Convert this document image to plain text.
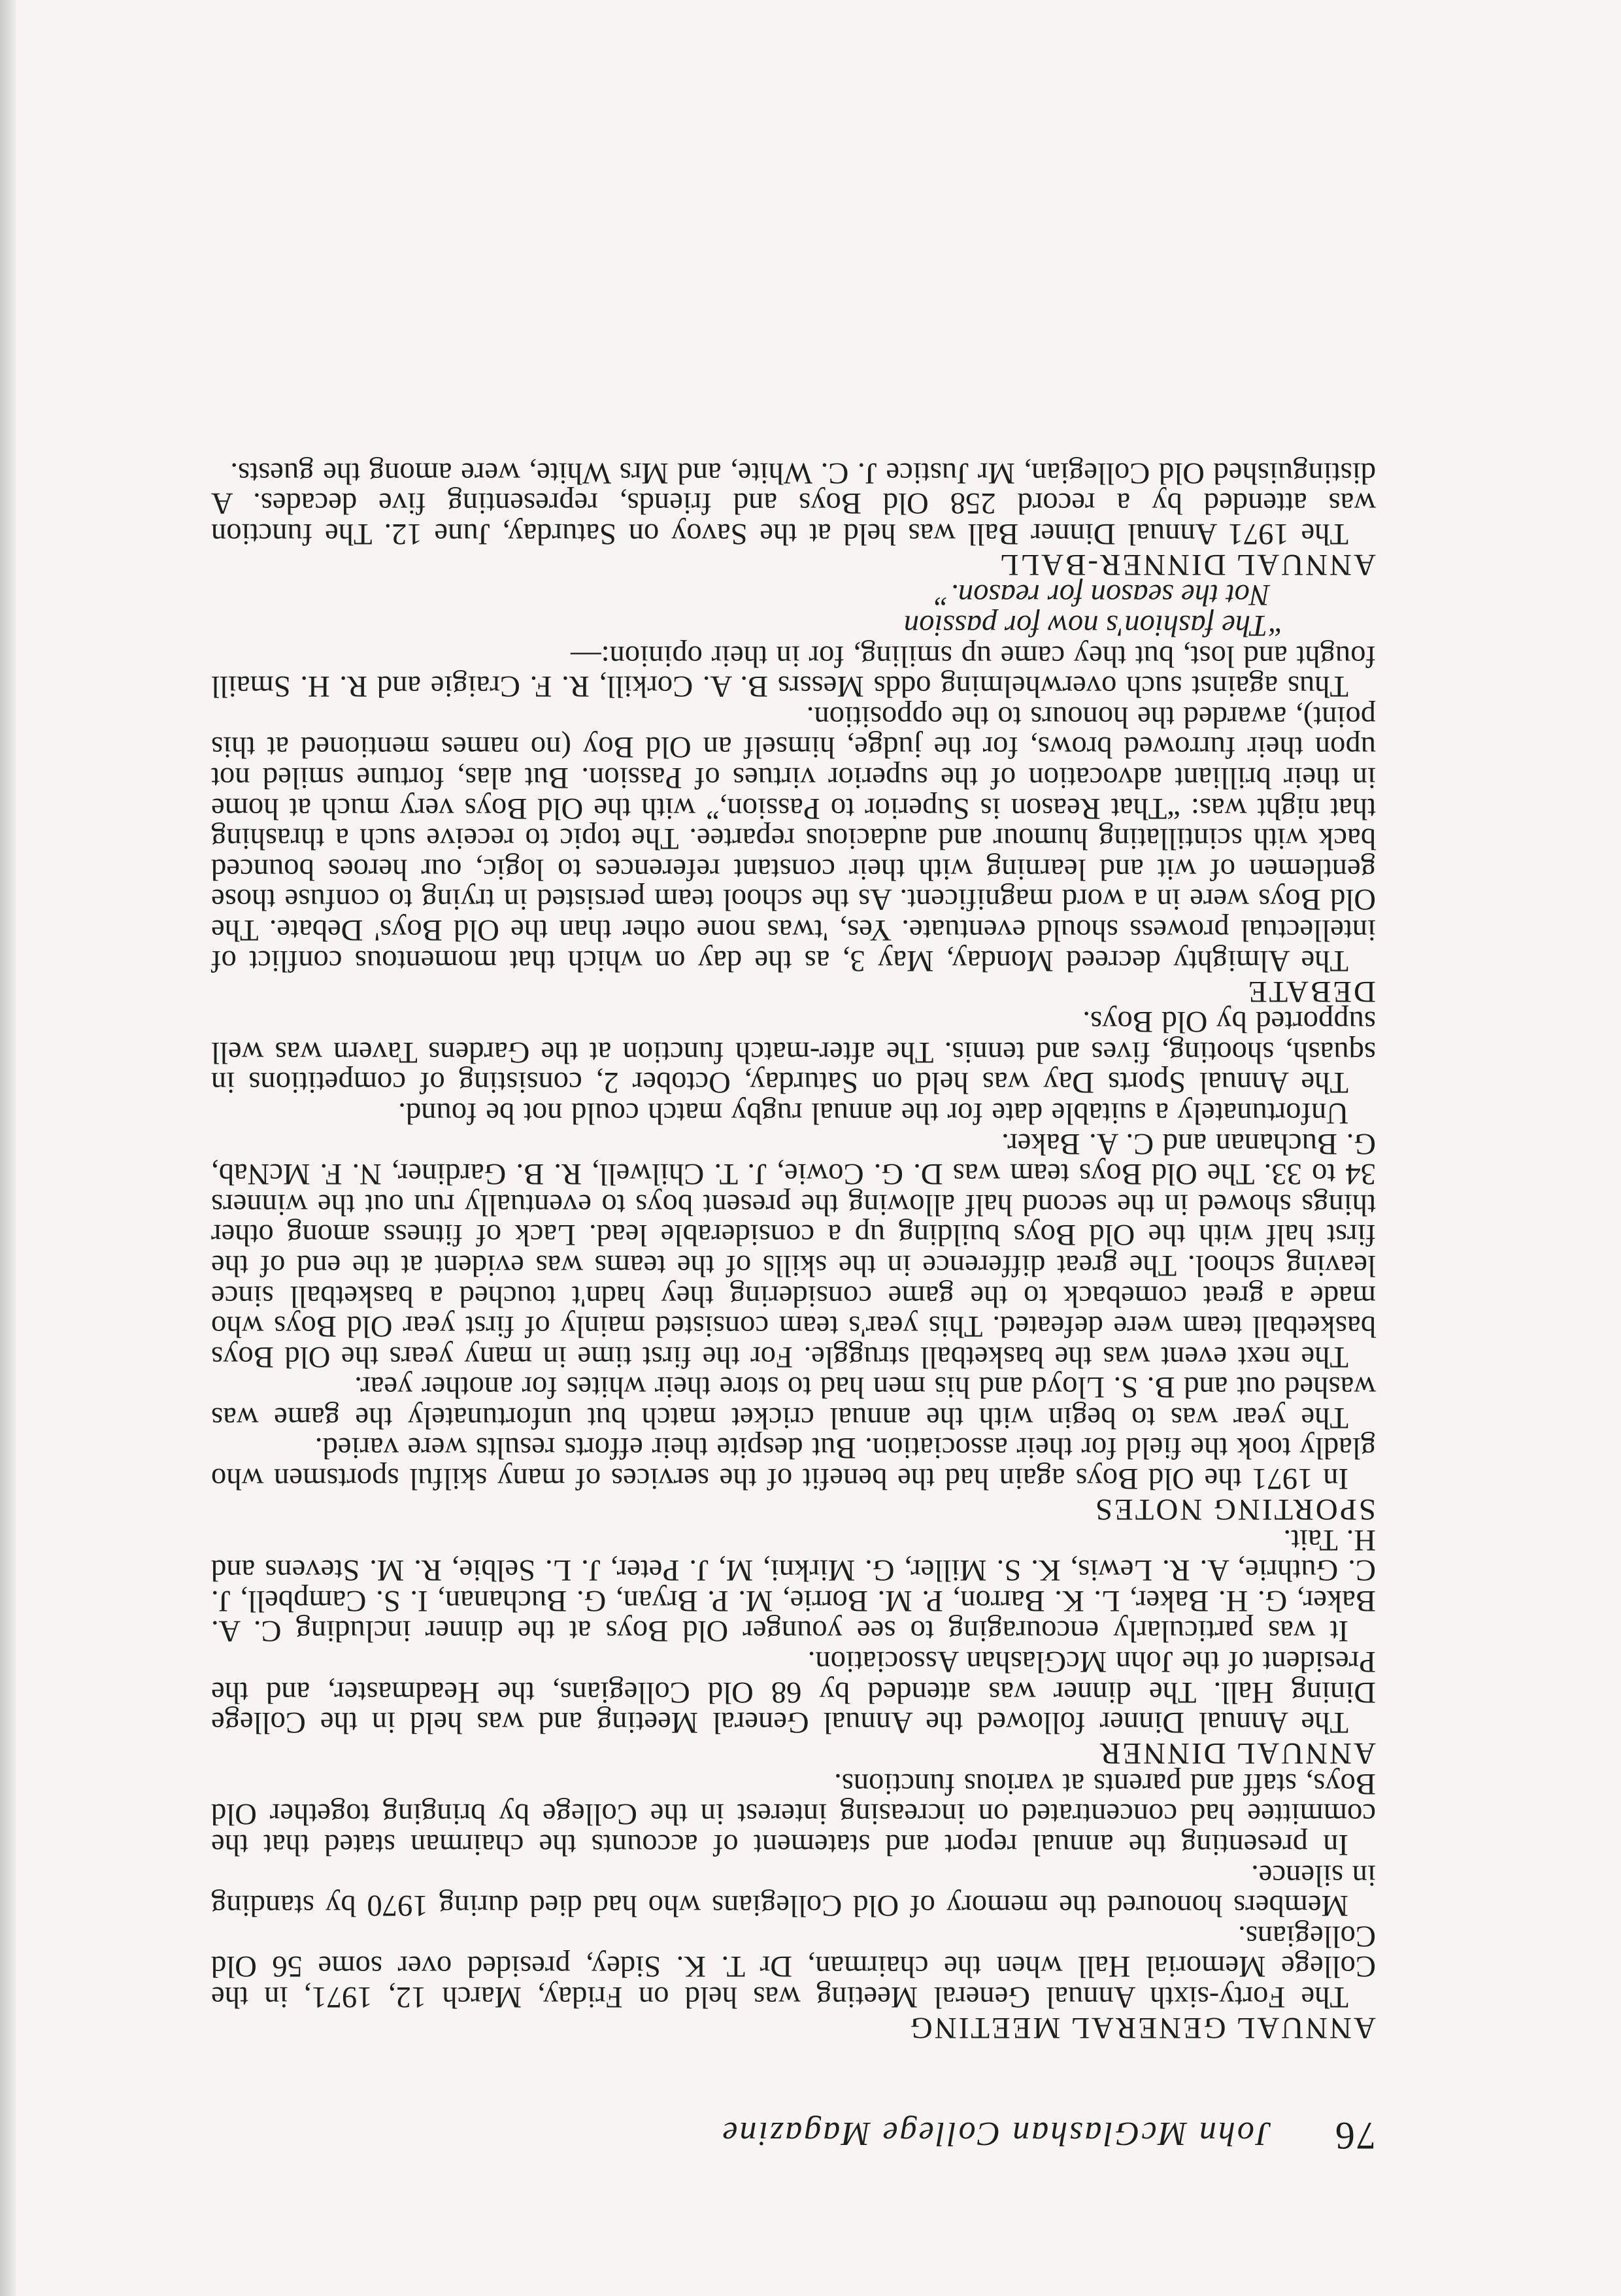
76
John McGlashan College Magazine
ANNUAL GENERAL MEETING

The Forty-sixth Annual General Meeting was held on Friday, March 12, 1971, in the College Memorial Hall when the chairman, Dr T. K. Sidey, presided over some 56 Old Collegians.

Members honoured the memory of Old Collegians who had died during 1970 by standing in silence.

In presenting the annual report and statement of accounts the chairman stated that the committee had concentrated on increasing interest in the College by bringing together Old Boys, staff and parents at various functions.

ANNUAL DINNER

The Annual Dinner followed the Annual General Meeting and was held in the College Dining Hall. The dinner was attended by 68 Old Collegians, the Headmaster, and the President of the John McGlashan Association.

It was particularly encouraging to see younger Old Boys at the dinner including C. A. Baker, G. H. Baker, L. K. Barron, P. M. Borrie, M. P. Bryan, G. Buchanan, I. S. Campbell, J. C. Guthrie, A. R. Lewis, K. S. Miller, G. Mirkni, M, J. Peter, J. L. Selbie, R. M. Stevens and H. Tait.

SPORTING NOTES

In 1971 the Old Boys again had the benefit of the services of many skilful sportsmen who gladly took the field for their association. But despite their efforts results were varied.

The year was to begin with the annual cricket match but unfortunately the game was washed out and B. S. Lloyd and his men had to store their whites for another year.

The next event was the basketball struggle. For the first time in many years the Old Boys basketball team were defeated. This year's team consisted mainly of first year Old Boys who made a great comeback to the game considering they hadn't touched a basketball since leaving school. The great difference in the skills of the teams was evident at the end of the first half with the Old Boys building up a considerable lead. Lack of fitness among other things showed in the second half allowing the present boys to eventually run out the winners 34 to 33. The Old Boys team was D. G. Cowie, J. T. Chilwell, R. B. Gardiner, N. F. McNab, G. Buchanan and C. A. Baker.

Unfortunately a suitable date for the annual rugby match could not be found.

The Annual Sports Day was held on Saturday, October 2, consisting of competitions in squash, shooting, fives and tennis. The after-match function at the Gardens Tavern was well supported by Old Boys.

DEBATE

The Almighty decreed Monday, May 3, as the day on which that momentous conflict of intellectual prowess should eventuate. Yes, 'twas none other than the Old Boys' Debate. The Old Boys were in a word magnificent. As the school team persisted in trying to confuse those gentlemen of wit and learning with their constant references to logic, our heroes bounced back with scintillating humour and audacious repartee. The topic to receive such a thrashing that night was: “That Reason is Superior to Passion,” with the Old Boys very much at home in their brilliant advocation of the superior virtues of Passion. But alas, fortune smiled not upon their furrowed brows, for the judge, himself an Old Boy (no names mentioned at this point), awarded the honours to the opposition.

Thus against such overwhelming odds Messrs B. A. Corkill, R. F. Craigie and R. H. Smaill fought and lost, but they came up smiling, for in their opinion:—

“The fashion's now for passion
Not the season for reason.”
ANNUAL DINNER-BALL

The 1971 Annual Dinner Ball was held at the Savoy on Saturday, June 12. The function was attended by a record 258 Old Boys and friends, representing five decades. A distinguished Old Collegian, Mr Justice J. C. White, and Mrs White, were among the guests.
